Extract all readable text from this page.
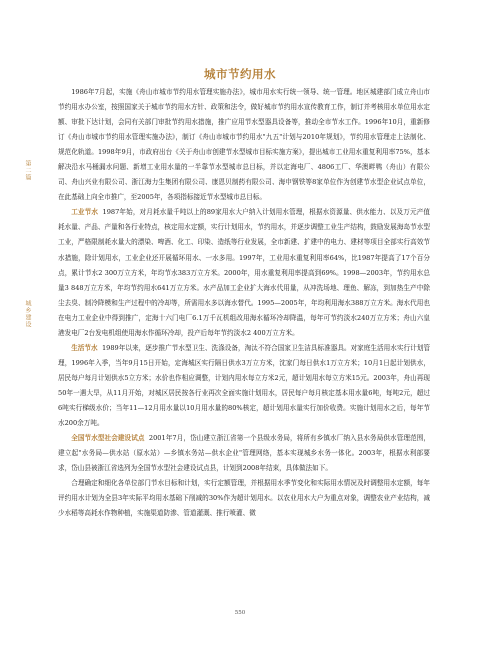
城市节约用水
第二篇
城乡建设

1986年7月起，实施《舟山市城市节约用水管理实施办法》，城市用水实行统一领导、统一管理。地区城建部门成立舟山市节约用水办公室，按照国家关于城市节约用水方针、政策和法令，做好城市节约用水宣传教育工作，制订并考核用水单位用水定额、审批下达计划，会同有关部门审批节约用水措施，推广应用节水型器具设备等，推动全市节水工作。1996年10月，重新修订《舟山市城市节约用水管理实施办法》，制订《舟山市城市节约用水"九五"计划与2010年规划》，节约用水管理走上法制化、规范化轨道。1998年9月，市政府出台《关于舟山市创建节水型城市目标实施方案》，提出城市工业用水重复利用率75%，基本解决沿水马桶漏水问题、新增工业用水量的一半靠节水型城市总目标，并以定海电厂、4806工厂、华澳畔鸭（舟山）有限公司、舟山兴业有限公司、浙江海力生集团有限公司、康恩贝制药有限公司、海申钢铁等8家单位作为创建节水型企业试点单位，在此基础上向全市推广，至2005年，各项指标接近节水型城市总目标。

工业节水 1987年始，对月耗水量千吨以上的89家用水大户纳入计划用水管理，根据水资源量、供水能力、以及万元产值耗水量、产品、产量和各行业特点，核定用水定额，实行计划用水，节约用水，并逐步调整工业生产结构，鼓励发展海岛节水型工业，严格限制耗水量大的漂染、啤酒、化工、印染、造纸等行业发展，全市新建、扩建中的电力、建材等项目全部实行高效节水措施，除计划用水，工业企业还开展循环用水、一水多用。1997年，工业用水重复利用率64%，比1987年提高了17个百分点，累计节水2 300万立方米，年均节水383万立方米。2000年，用水重复利用率提高到69%。1998—2003年，节约用水总量3 848万立方米，年均节约用水641万立方米。水产品加工企业扩大海水代用量，从冲洗场地、理鱼、解冻，到加热生产中除尘去臭、制冷降模和生产过程中的冷却等，所需用水多以海水替代。1995—2005年，年均利用海水388万立方米。海水代用也在电力工业企业中得到推广，定海十六门电厂6.1万千瓦机组改用海水循环冷却降温，每年可节约淡水240万立方米；舟山六皇港发电厂2台发电机组使用海水作循环冷却，投产后每年节约淡水2 400万立方米。

生活节水 1989年以来，逐步推广节水型卫生、洗涤设备，淘汰不符合国家卫生洁具标准器具。对家庭生活用水实行计划管理，1996年入季，当年9月15日开始，定海城区实行隔日供水3万立方米，沈家门每日供水1万立方米；10月1日起计划供水，居民每户每月计划供水5立方米；水价也作相应调整，计划内用水每立方米2元，超计划用水每立方米15元。2003年，舟山再现50年一遇大旱，从11月开始，对城区居民按各行业再次全面实施计划用水，居民每户每月核定基本用水量6吨，每吨2元，超过6吨实行梯级水价；当年11—12月用水量以10月用水量的80%核定，超计划用水量实行加价收费。实施计划用水之后，每年节水200余万吨。

全国节水型社会建设试点 2001年7月，岱山建立浙江省第一个县级水务局，将所有乡镇水厂纳入县水务局供水管理范围，建立起"水务局—供水站（原水站）—乡镇水务站—供水企业"管理网络，基本实现城乡水务一体化。2003年，根据水利部要求，岱山县被浙江省选列为全国节水型社会建设试点县，计划到2008年结束，具体做法如下。

合理确定和细化各单位部门节水目标和计划，实行定额管理，并根据用水季节变化和实际用水情况及时调整用水定额，每年评约用水计划为全县3年实际平均用水基础下削减的30%作为超计划用水。以农业用水大户为重点对象，调整农业产业结构，减少水稻等高耗水作物种植，实施渠道防渗、管道灌溉、推行喷灌、微

550
